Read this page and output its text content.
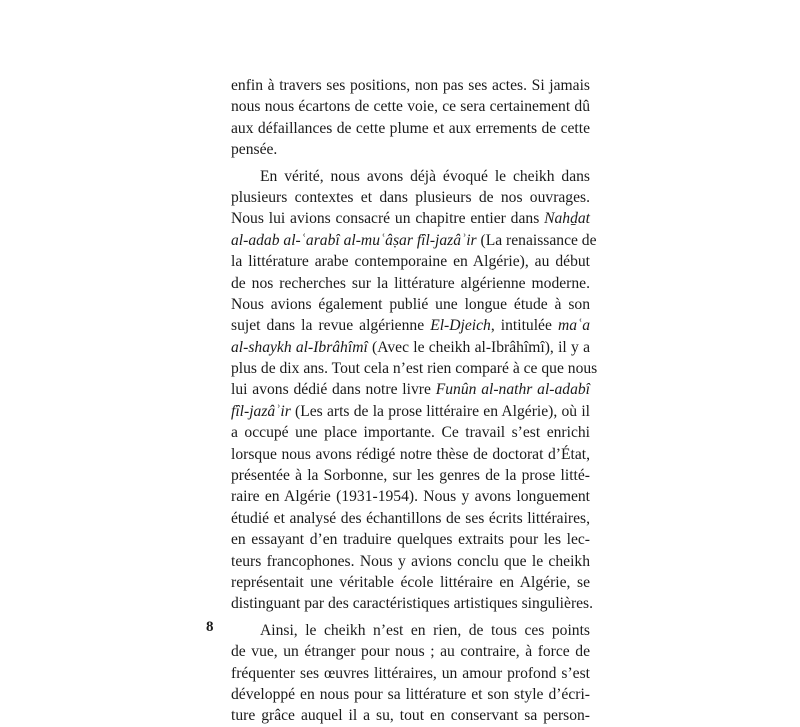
enfin à travers ses positions, non pas ses actes. Si jamais
nous nous écartons de cette voie, ce sera certainement dû
aux défaillances de cette plume et aux errements de cette
pensée.
En vérité, nous avons déjà évoqué le cheikh dans
plusieurs contextes et dans plusieurs de nos ouvrages.
Nous lui avions consacré un chapitre entier dans Nahḏat
al-adab al-ʿarabî al-muʿâṣar fîl-jazâʾir (La renaissance de
la littérature arabe contemporaine en Algérie), au début
de nos recherches sur la littérature algérienne moderne.
Nous avions également publié une longue étude à son
sujet dans la revue algérienne El-Djeich, intitulée maʿa
al-shaykh al-Ibrâhîmî (Avec le cheikh al-Ibrâhîmî), il y a
plus de dix ans. Tout cela n’est rien comparé à ce que nous
lui avons dédié dans notre livre Funûn al-nathr al-adabî
fîl-jazâʾir (Les arts de la prose littéraire en Algérie), où il
a occupé une place importante. Ce travail s’est enrichi
lorsque nous avons rédigé notre thèse de doctorat d’État,
présentée à la Sorbonne, sur les genres de la prose litté-
raire en Algérie (1931-1954). Nous y avons longuement
étudié et analysé des échantillons de ses écrits littéraires,
en essayant d’en traduire quelques extraits pour les lec-
teurs francophones. Nous y avions conclu que le cheikh
représentait une véritable école littéraire en Algérie, se
distinguant par des caractéristiques artistiques singulières.
Ainsi, le cheikh n’est en rien, de tous ces points
de vue, un étranger pour nous ; au contraire, à force de
fréquenter ses œuvres littéraires, un amour profond s’est
développé en nous pour sa littérature et son style d’écri-
ture grâce auquel il a su, tout en conservant sa person-
8
